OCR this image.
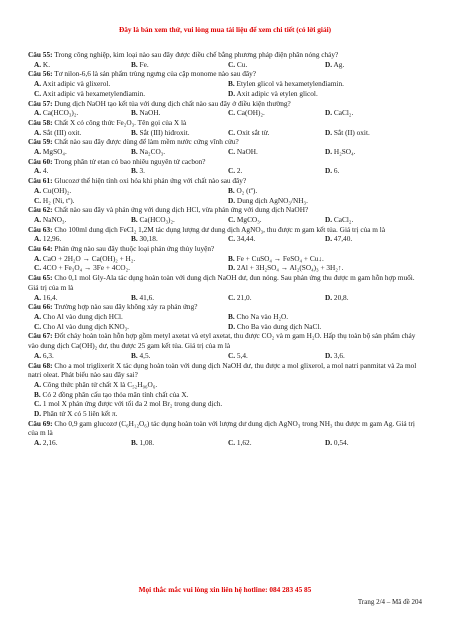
Đây là bản xem thử, vui lòng mua tài liệu để xem chi tiết (có lời giải)

Câu 55: Trong công nghiệp, kim loại nào sau đây được điều chế bằng phương pháp điện phân nóng chảy?

A. K.	B. Fe.	C. Cu.	D. Ag.

Câu 56: Tơ nilon-6,6 là sản phẩm trùng ngưng của cặp monome nào sau đây?

A. Axit adipic và glixerol.	B. Etylen glicol và hexametylenđiamin.
C. Axit adipic và hexametylenđiamin.	D. Axit adipic và etylen glicol.

Câu 57: Dung dịch NaOH tạo kết tủa với dung dịch chất nào sau đây ở điều kiện thường?

A. Ca(HCO₃)₂.	B. NaOH.	C. Ca(OH)₂.	D. CaCl₂.

Câu 58: Chất X có công thức Fe₂O₃. Tên gọi của X là

A. Sắt (III) oxit.	B. Sắt (III) hiđroxit.	C. Oxit sắt từ.	D. Sắt (II) oxit.

Câu 59: Chất nào sau đây được dùng để làm mềm nước cứng vĩnh cửu?

A. MgSO₄.	B. Na₂CO₃.	C. NaOH.	D. H₂SO₄.

Câu 60: Trong phân tử etan có bao nhiêu nguyên tử cacbon?

A. 4.	B. 3.	C. 2.	D. 6.

Câu 61: Glucozơ thể hiện tính oxi hóa khi phản ứng với chất nào sau đây?

A. Cu(OH)₂.	B. O₂ (tº).
C. H₂ (Ni, tº).	D. Dung dịch AgNO₃/NH₃.

Câu 62: Chất nào sau đây và phản ứng với dung dịch HCl, vừa phản ứng với dung dịch NaOH?

A. NaNO₃.	B. Ca(HCO₃)₂.	C. MgCO₃.	D. CaCl₂.

Câu 63: Cho 100ml dung dịch FeCl₂ 1,2M tác dụng lượng dư dung dịch AgNO₃, thu được m gam kết tủa. Giá trị của m là

A. 12,96.	B. 30,18.	C. 34,44.	D. 47,40.

Câu 64: Phản ứng nào sau đây thuộc loại phản ứng thủy luyện?

A. CaO + 2H₂O → Ca(OH)₂ + H₂.	B. Fe + CuSO₄ → FeSO₄ + Cu↓.
C. 4CO + Fe₃O₄ → 3Fe + 4CO₂.	D. 2Al + 3H₂SO₄ → Al₂(SO₄)₃ + 3H₂↑.

Câu 65: Cho 0,1 mol Gly-Ala tác dụng hoàn toàn với dung dịch NaOH dư, đun nóng. Sau phản ứng thu được m gam hỗn hợp muối. Giá trị của m là

A. 16,4.	B. 41,6.	C. 21,0.	D. 20,8.

Câu 66: Trường hợp nào sau đây không xảy ra phản ứng?

A. Cho Al vào dung dịch HCl.	B. Cho Na vào H₂O.
C. Cho Al vào dung dịch KNO₃.	D. Cho Ba vào dung dịch NaCl.

Câu 67: Đốt cháy hoàn toàn hỗn hợp gồm metyl axetat và etyl axetat, thu được CO₂ và m gam H₂O. Hấp thụ toàn bộ sản phẩm cháy vào dung dịch Ca(OH)₂ dư, thu được 25 gam kết tủa. Giá trị của m là

A. 6,3.	B. 4,5.	C. 5,4.	D. 3,6.

Câu 68: Cho a mol triglixerit X tác dụng hoàn toàn với dung dịch NaOH dư, thu được a mol glixerol, a mol natri panmitat và 2a mol natri oleat. Phát biểu nào sau đây sai?

A. Công thức phân tử chất X là C₅₂H₉₆O₆.
B. Có 2 đồng phân cấu tạo thỏa mãn tính chất của X.
C. 1 mol X phản ứng được với tối đa 2 mol Br₂ trong dung dịch.
D. Phân tử X có 5 liên kết π.

Câu 69: Cho 0,9 gam glucozơ (C₆H₁₂O₆) tác dụng hoàn toàn với lượng dư dung dịch AgNO₃ trong NH₃ thu được m gam Ag. Giá trị của m là

A. 2,16.	B. 1,08.	C. 1,62.	D. 0,54.
Mọi thắc mắc vui lòng xin liên hệ hotline: 084 283 45 85
Trang 2/4 – Mã đề 204
